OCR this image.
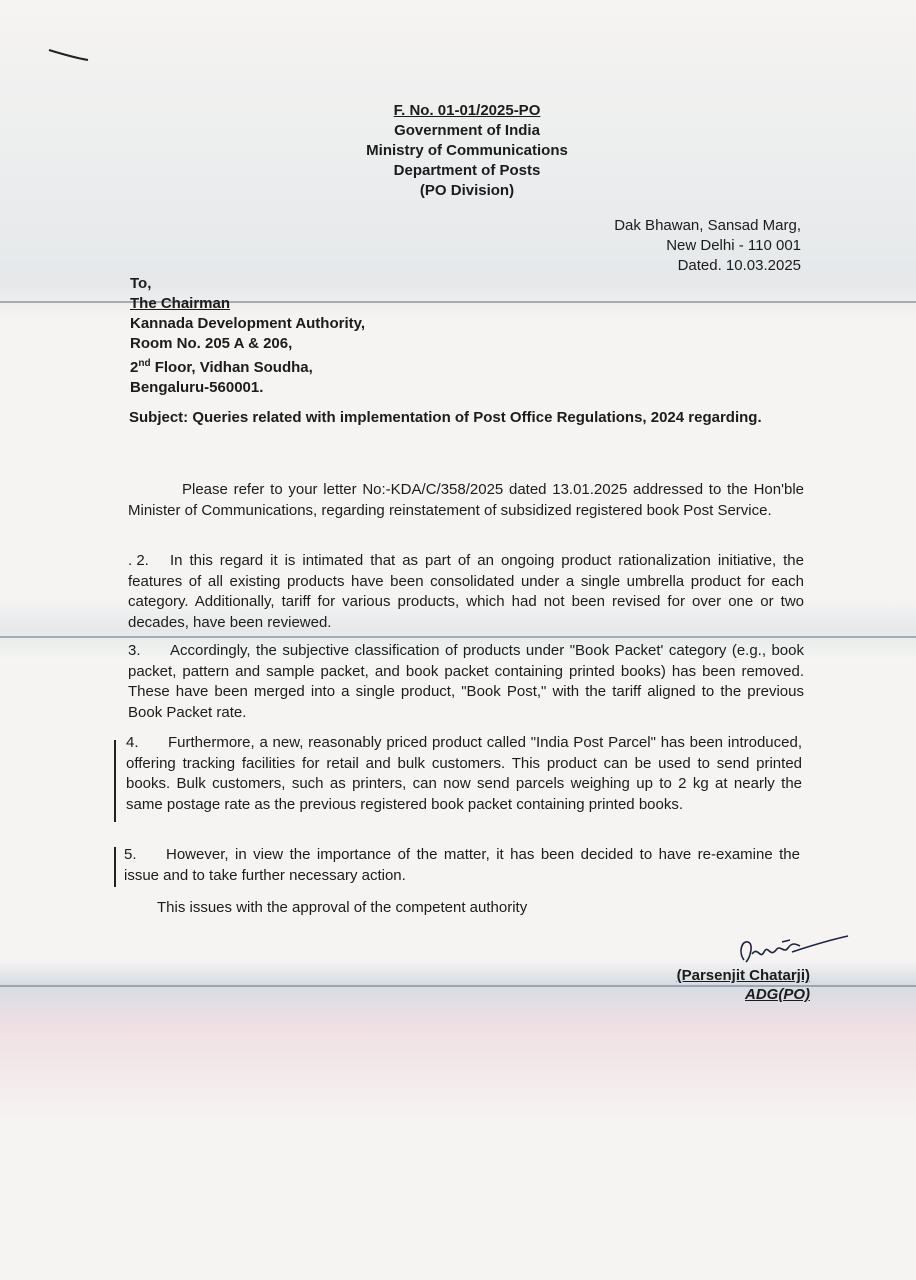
F. No. 01-01/2025-PO
Government of India
Ministry of Communications
Department of Posts
(PO Division)
Dak Bhawan, Sansad Marg,
New Delhi - 110 001
Dated. 10.03.2025
To,
The Chairman
Kannada Development Authority,
Room No. 205 A & 206,
2nd Floor, Vidhan Soudha,
Bengaluru-560001.
Subject: Queries related with implementation of Post Office Regulations, 2024 regarding.
Please refer to your letter No:-KDA/C/358/2025 dated 13.01.2025 addressed to the Hon'ble Minister of Communications, regarding reinstatement of subsidized registered book Post Service.
. 2. In this regard it is intimated that as part of an ongoing product rationalization initiative, the features of all existing products have been consolidated under a single umbrella product for each category. Additionally, tariff for various products, which had not been revised for over one or two decades, have been reviewed.
3. Accordingly, the subjective classification of products under "Book Packet' category (e.g., book packet, pattern and sample packet, and book packet containing printed books) has been removed. These have been merged into a single product, "Book Post," with the tariff aligned to the previous Book Packet rate.
4. Furthermore, a new, reasonably priced product called "India Post Parcel" has been introduced, offering tracking facilities for retail and bulk customers. This product can be used to send printed books. Bulk customers, such as printers, can now send parcels weighing up to 2 kg at nearly the same postage rate as the previous registered book packet containing printed books.
5. However, in view the importance of the matter, it has been decided to have re-examine the issue and to take further necessary action.
This issues with the approval of the competent authority
(Parsenjit Chatarji)
ADG(PO)
